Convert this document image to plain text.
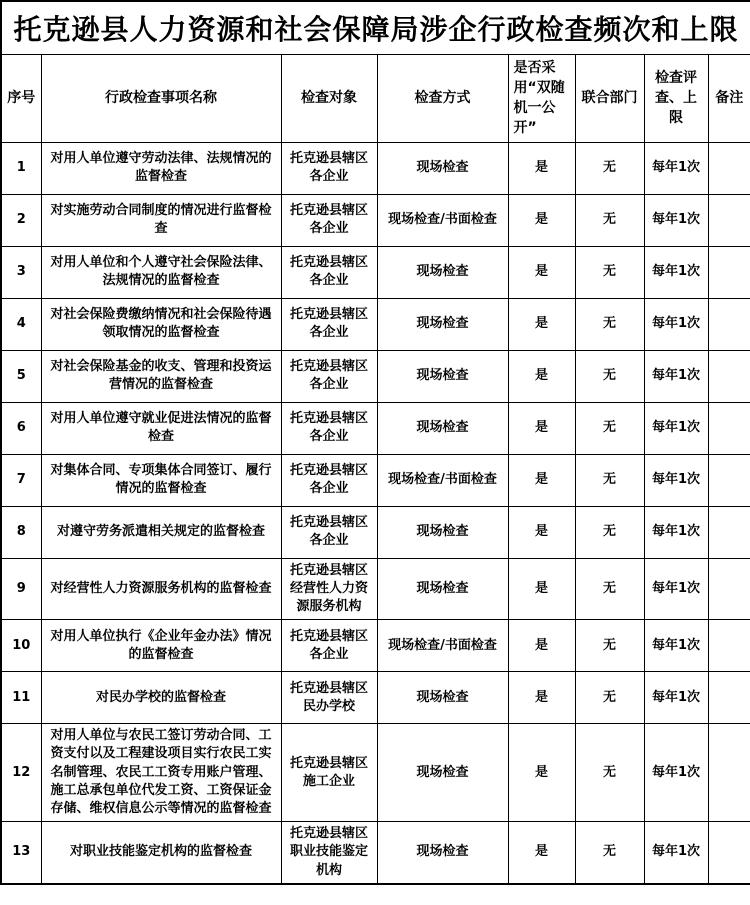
托克逊县人力资源和社会保障局涉企行政检查频次和上限							
序号	行政检查事项名称	检查对象	检查方式	是否采用“双随机一公开”	联合部门	检查评查、上限	备注
1	对用人单位遵守劳动法律、法规情况的监督检查	托克逊县辖区各企业	现场检查	是	无	每年1次	
2	对实施劳动合同制度的情况进行监督检查	托克逊县辖区各企业	现场检查/书面检查	是	无	每年1次	
3	对用人单位和个人遵守社会保险法律、法规情况的监督检查	托克逊县辖区各企业	现场检查	是	无	每年1次	
4	对社会保险费缴纳情况和社会保险待遇领取情况的监督检查	托克逊县辖区各企业	现场检查	是	无	每年1次	
5	对社会保险基金的收支、管理和投资运营情况的监督检查	托克逊县辖区各企业	现场检查	是	无	每年1次	
6	对用人单位遵守就业促进法情况的监督检查	托克逊县辖区各企业	现场检查	是	无	每年1次	
7	对集体合同、专项集体合同签订、履行情况的监督检查	托克逊县辖区各企业	现场检查/书面检查	是	无	每年1次	
8	对遵守劳务派遣相关规定的监督检查	托克逊县辖区各企业	现场检查	是	无	每年1次	
9	对经营性人力资源服务机构的监督检查	托克逊县辖区经营性人力资源服务机构	现场检查	是	无	每年1次	
10	对用人单位执行《企业年金办法》情况的监督检查	托克逊县辖区各企业	现场检查/书面检查	是	无	每年1次	
11	对民办学校的监督检查	托克逊县辖区民办学校	现场检查	是	无	每年1次	
12	对用人单位与农民工签订劳动合同、工资支付以及工程建设项目实行农民工实名制管理、农民工工资专用账户管理、施工总承包单位代发工资、工资保证金存储、维权信息公示等情况的监督检查	托克逊县辖区施工企业	现场检查	是	无	每年1次	
13	对职业技能鉴定机构的监督检查	托克逊县辖区职业技能鉴定机构	现场检查	是	无	每年1次	
